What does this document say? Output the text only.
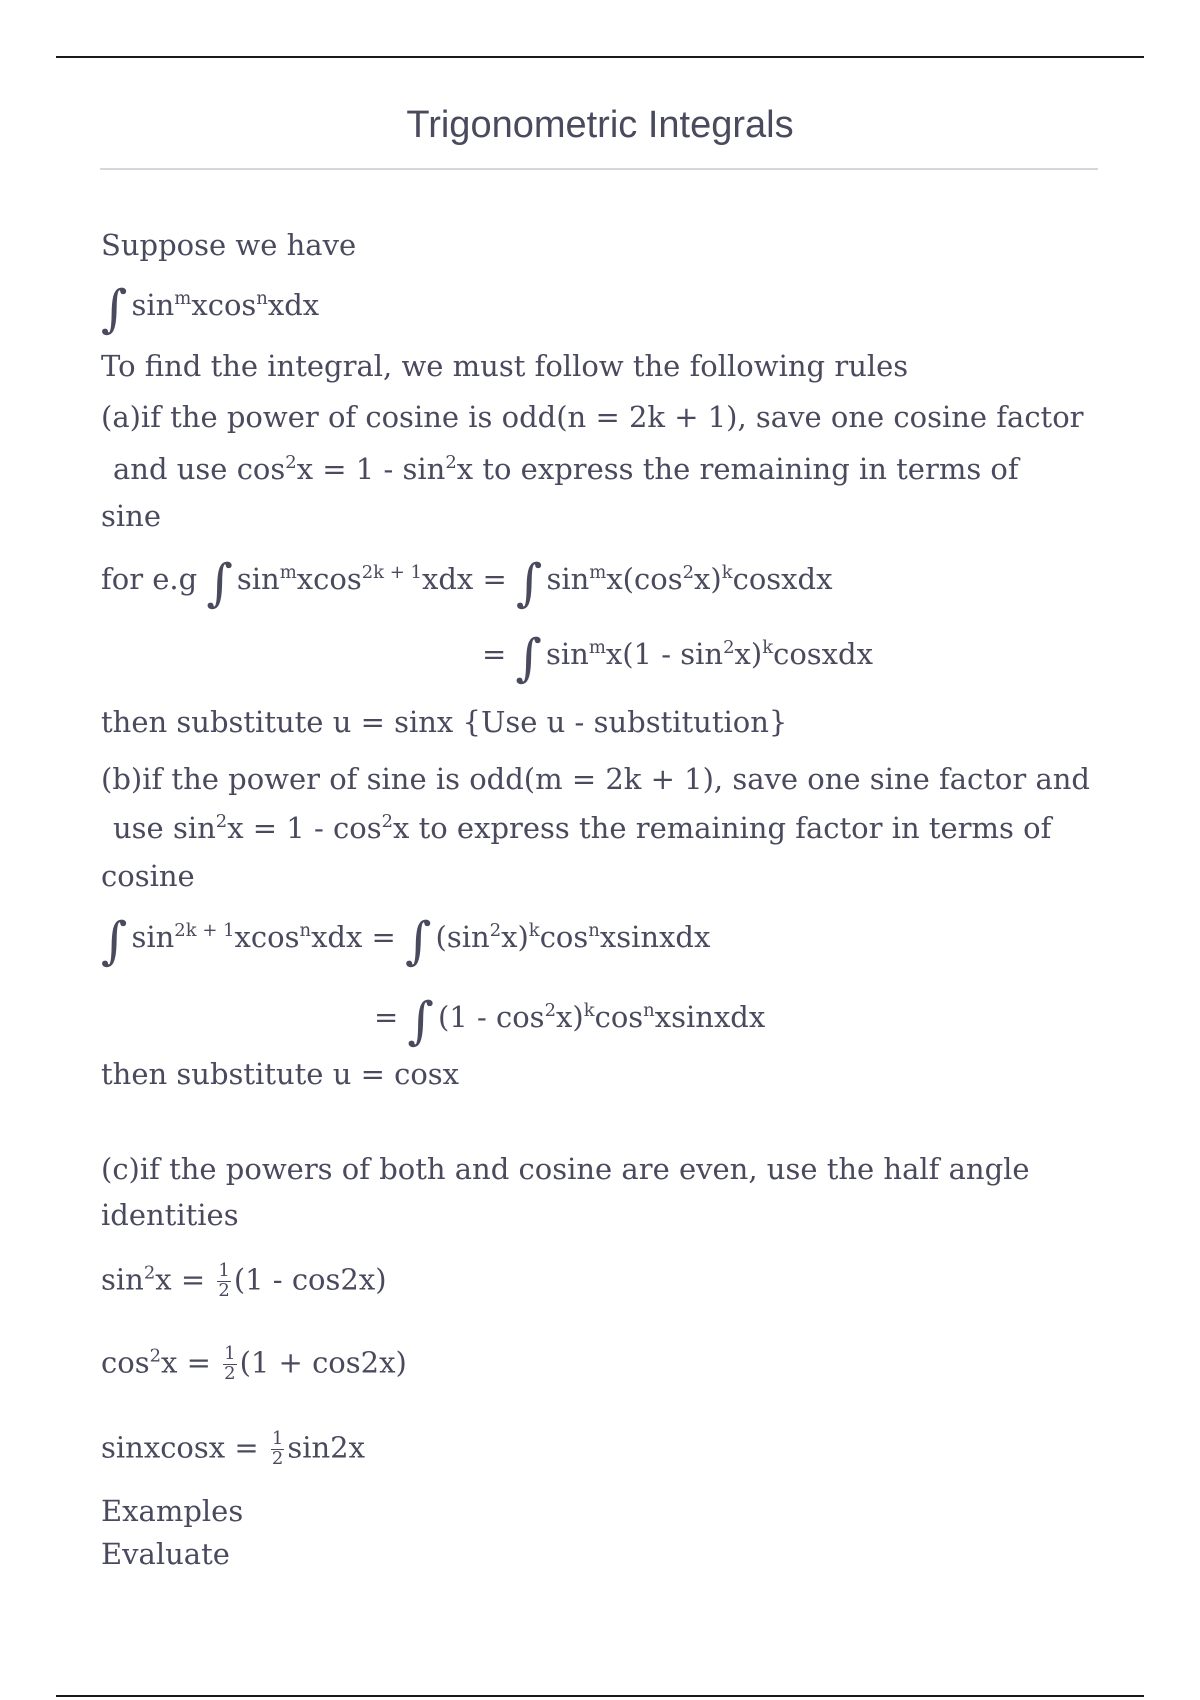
Trigonometric Integrals
Suppose we have
∫ $\sin^mxcos^nxdx$
To find the integral, we must follow the following rules
(a)if the power of cosine is odd(n = 2k + 1), save one cosine factor
and use $\cos^2x = 1 - \sin^2x$ to express the remaining in terms of
sine
for e.g ∫ $\sin^mxcos^{2k + 1}xdx$ = ∫ $\sin^mx(\cos^2x)^kcosxdx$
= ∫ $\sin^mx(1$ - $\sin^2x)^kcosxdx$
then substitute u = sinx {Use u - substitution}
(b)if the power of sine is odd(m = 2k + 1), save one sine factor and
use $\sin^2x = 1 - \cos^2x$ to express the remaining factor in terms of
cosine
∫ $\sin^{2k + 1}xcos^nxdx$ = ∫ $(\sin^2x)^k\cos^nxsinxdx$
= ∫ $(1 - \cos^2x)^k\cos^nxsinxdx$
then substitute u = cosx
(c)if the powers of both and cosine are even, use the half angle
identities
$\sin^2x = \frac{1}{2} (1 - \cos 2x)$
$\cos^2x = \frac{1}{2} (1 + \cos 2x)$
sinxcosx = $\frac{1}{2} \sin 2x$
Examples
Evaluate
